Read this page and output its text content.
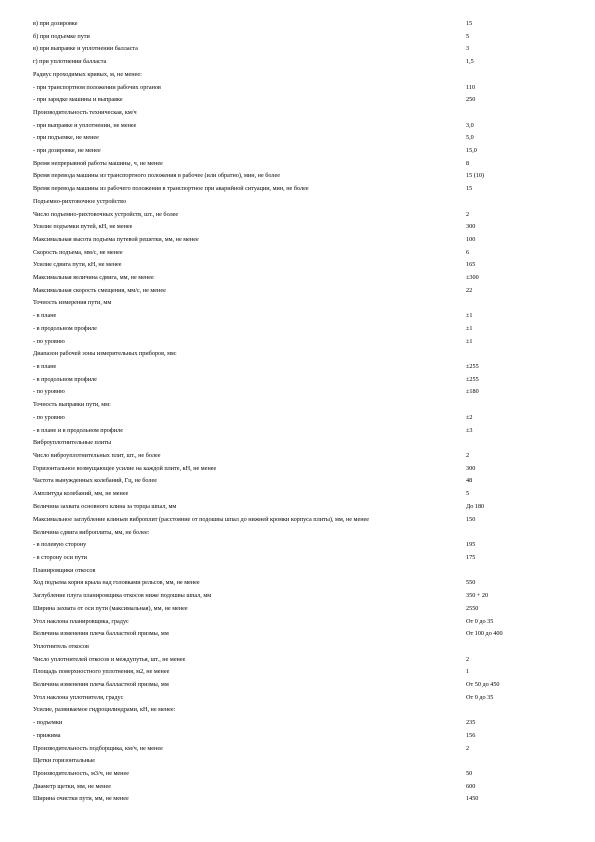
в) при дозировке	15
б) при подъемке пути	5
в) при выправке и уплотнении балласта	3
г) при уплотнении балласта	1,5
Радиус проходимых кривых, м, не менее:
- при транспортном положении рабочих органов	110
- при зарядке машины и выправке	250
Производительность техническая, км/ч
- при выправке и уплотнении, не менее	3,0
- при подъемке, не менее	5,0
- при дозировке, не менее	15,0
Время непрерывной работы машины, ч, не менее	8
Время перевода машины из транспортного положения в рабочее (или обратно), мин, не более	15 (10)
Время перевода машины из рабочего положения в транспортное при аварийной ситуации, мин, не более	15
Подъемно-рихтовочное устройство
Число подъемно-рихтовочных устройств, шт., не более	2
Усилие подъемки путей, кН, не менее	300
Максимальная высота подъема путевой решетки, мм, не менее	100
Скорость подъема, мм/с, не менее	6
Усилие сдвига пути, кН, не менее	165
Максимальная величина сдвига, мм, не менее	±300
Максимальная скорость смещения, мм/с, не менее	22
Точность измерения пути, мм
- в плане	±1
- в продольном профиле	±1
- по уровню	±1
Диапазон рабочей зоны измерительных приборов, мм:
- в плане	±255
- в продольном профиле	±255
- по уровню	±180
Точность выправки пути, мм:
- по уровню	±2
- в плане и в продольном профиле	±3
Виброуплотнительные плиты
Число виброуплотнительных плит, шт., не более	2
Горизонтальное возмущающее усилие на каждой плите, кН, не менее	300
Частота вынужденных колебаний, Гц, не более	48
Амплитуда колебаний, мм, не менее	5
Величина захвата основного клина за торцы шпал, мм	До 180
Максимальное заглубление клиньев виброплит (расстояние от подошвы шпал до нижней кромки корпуса плиты), мм, не менее	150
Величина сдвига виброплиты, мм, не более:
- в полевую сторону	195
- в сторону оси пути	175
Планировщики откосов
Ход подъема корня крыла над головками рельсов, мм, не менее	550
Заглубление плуга планировщика откосов ниже подошвы шпал, мм	350 + 20
Ширина захвата от оси пути (максимальная), мм, не менее	2550
Угол наклона планировщика, градус	От 0 до 35
Величина изменения плеча балластной призмы, мм	От 100 до 400
Уплотнитель откосов
Число уплотнителей откосов и междупутья, шт., не менее	2
Площадь поверхностного уплотнения, м2, не менее	1
Величина изменения плеча балластной призмы, мм	От 50 до 450
Угол наклона уплотнителя, градус	От 0 до 35
Усилие, развиваемое гидроцилиндрами, кН, не менее:
- подъемки	235
- прижима	156
Производительность подборщика, км/ч, не менее	2
Щетки горизонтальные
Производительность, м3/ч, не менее	50
Диаметр щетки, мм, не менее	600
Ширина очистки пути, мм, не менее	1450
